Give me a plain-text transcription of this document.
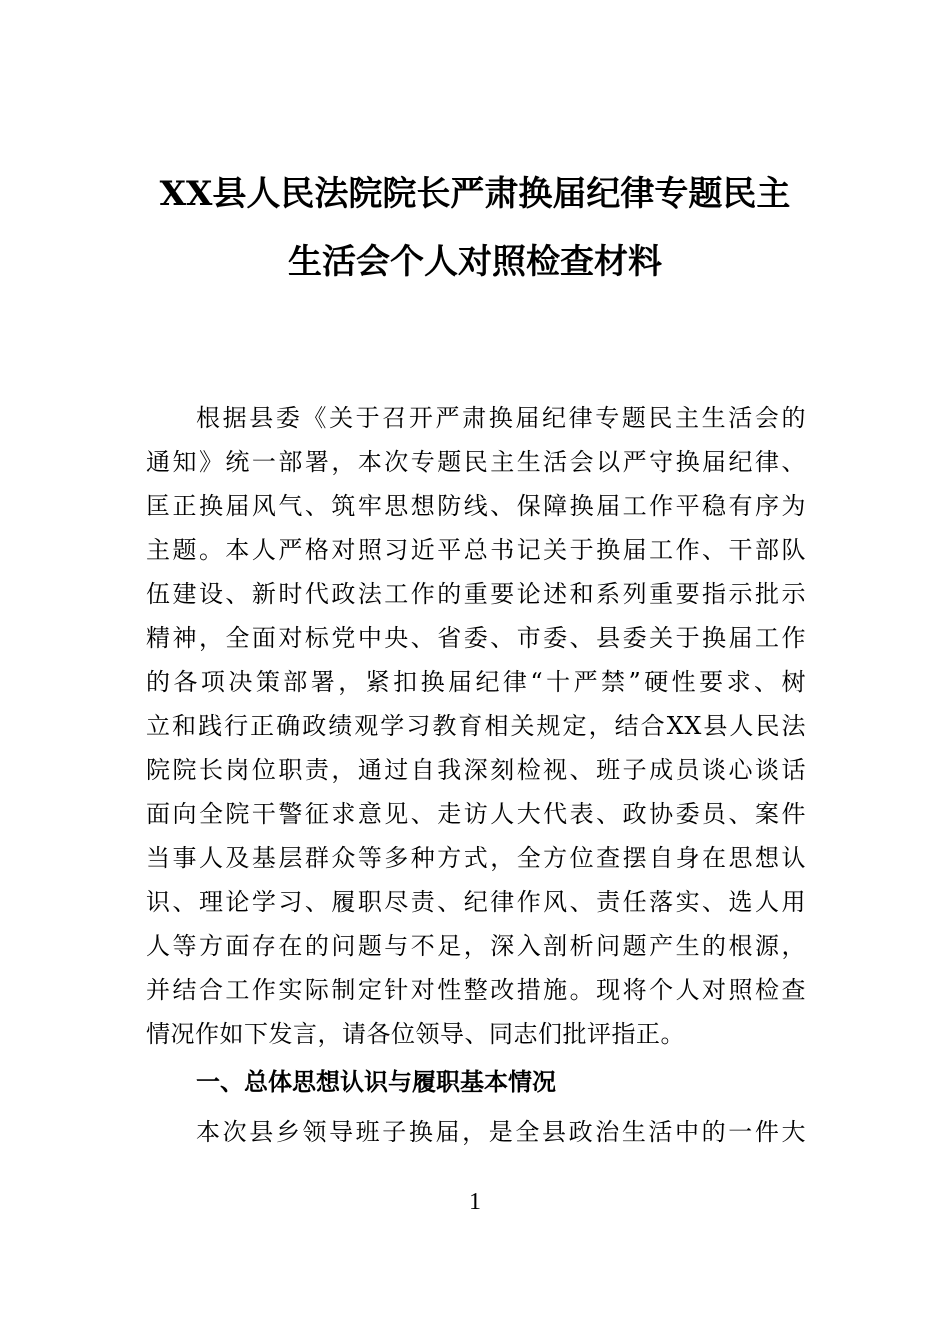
XX县人民法院院长严肃换届纪律专题民主
生活会个人对照检查材料
根据县委《关于召开严肃换届纪律专题民主生活会的
通知》统一部署，本次专题民主生活会以严守换届纪律、
匡正换届风气、筑牢思想防线、保障换届工作平稳有序为
主题。本人严格对照习近平总书记关于换届工作、干部队
伍建设、新时代政法工作的重要论述和系列重要指示批示
精神，全面对标党中央、省委、市委、县委关于换届工作
的各项决策部署，紧扣换届纪律“十严禁”硬性要求、树
立和践行正确政绩观学习教育相关规定，结合XX县人民法
院院长岗位职责，通过自我深刻检视、班子成员谈心谈话
面向全院干警征求意见、走访人大代表、政协委员、案件
当事人及基层群众等多种方式，全方位查摆自身在思想认
识、理论学习、履职尽责、纪律作风、责任落实、选人用
人等方面存在的问题与不足，深入剖析问题产生的根源，
并结合工作实际制定针对性整改措施。现将个人对照检查
情况作如下发言，请各位领导、同志们批评指正。
一、总体思想认识与履职基本情况
本次县乡领导班子换届，是全县政治生活中的一件大
1
